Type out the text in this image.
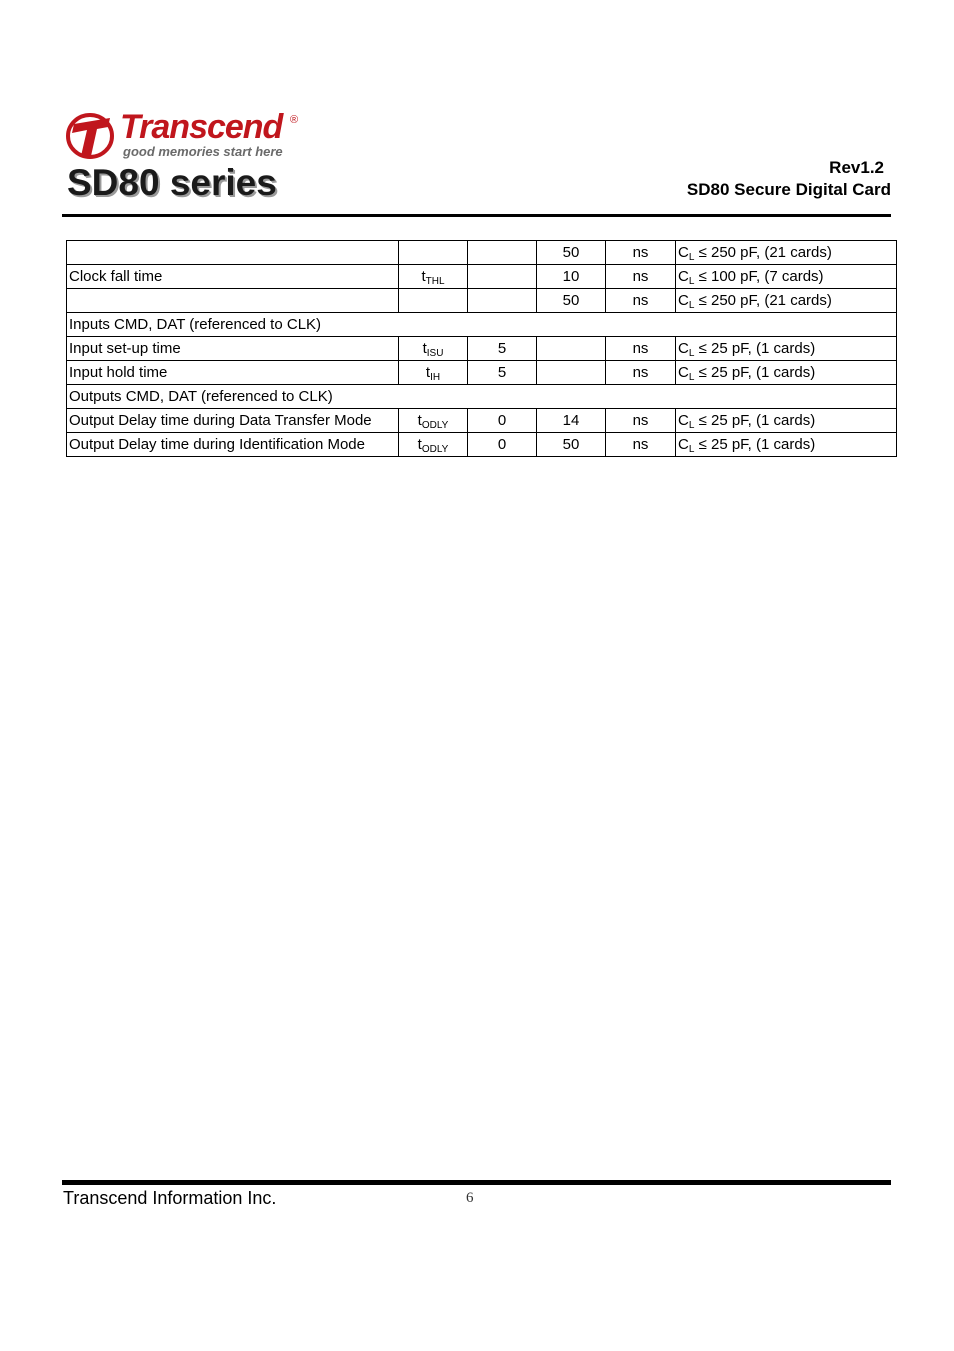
Transcend ®
good memories start here
SD80 series	Rev1.2
SD80 Secure Digital Card
			50	ns	$C_L \le 250$ pF, (21 cards)
Clock fall time	$t_{THL}$		10	ns	$C_L \le 100$ pF, (7 cards)
			50	ns	$C_L \le 250$ pF, (21 cards)
Inputs CMD, DAT (referenced to CLK)					
Input set-up time	$t_{ISU}$	5		ns	$C_L \le 25$ pF, (1 cards)
Input hold time	$t_{IH}$	5		ns	$C_L \le 25$ pF, (1 cards)
Outputs CMD, DAT (referenced to CLK)					
Output Delay time during Data Transfer Mode	$t_{ODLY}$	0	14	ns	$C_L \le 25$ pF, (1 cards)
Output Delay time during Identification Mode	$t_{ODLY}$	0	50	ns	$C_L \le 25$ pF, (1 cards)
Transcend Information Inc.	6
